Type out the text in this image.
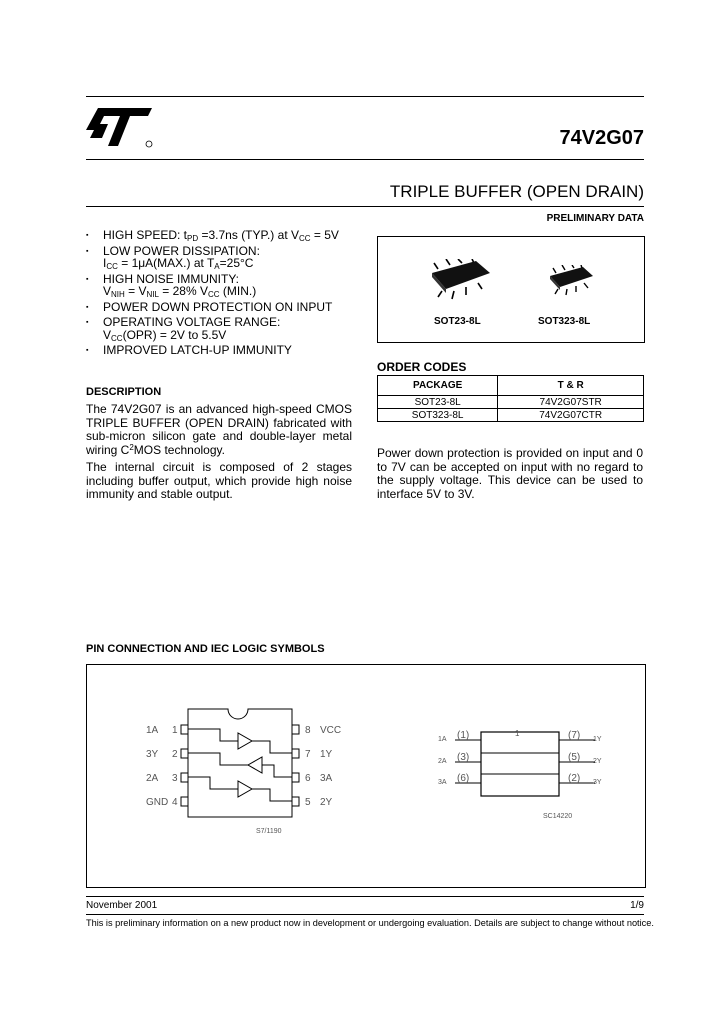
74V2G07
TRIPLE BUFFER (OPEN DRAIN)
PRELIMINARY DATA
▪ HIGH SPEED: $t_{PD} =3.7ns$ (TYP.) at $V_{CC} = 5V$
▪ LOW POWER DISSIPATION:
$I_{CC} = 1\mu A(MAX.)$ at $T_A=25^\circ C$
▪ HIGH NOISE IMMUNITY:
$V_{NIH} = V_{NIL} = 28\%$ $V_{CC}$ (MIN.)
▪ POWER DOWN PROTECTION ON INPUT
▪ OPERATING VOLTAGE RANGE:
$V_{CC}(OPR) = 2V$ to 5.5V
▪ IMPROVED LATCH-UP IMMUNITY
DESCRIPTION
The 74V2G07 is an advanced high-speed CMOS TRIPLE BUFFER (OPEN DRAIN) fabricated with sub-micron silicon gate and double-layer metal wiring $C^2MOS$ technology.
The internal circuit is composed of 2 stages including buffer output, which provide high noise immunity and stable output.
SOT23-8L	SOT323-8L
ORDER CODES
PACKAGE	T & R
SOT23-8L	74V2G07STR
SOT323-8L	74V2G07CTR
Power down protection is provided on input and 0 to 7V can be accepted on input with no regard to the supply voltage. This device can be used to interface 5V to 3V.
PIN CONNECTION AND IEC LOGIC SYMBOLS
1A
3Y
2A
GND
1
2
3
4
8
7
6
5
VCC
1Y
3A
2Y
S7/1190
1
1A
2A
3A
(1)
(3)
(6)
(7)
(5)
(2)
1Y
2Y
3Y
SC14220
November 2001	1/9
This is preliminary information on a new product now in development or undergoing evaluation. Details are subject to change without notice.
